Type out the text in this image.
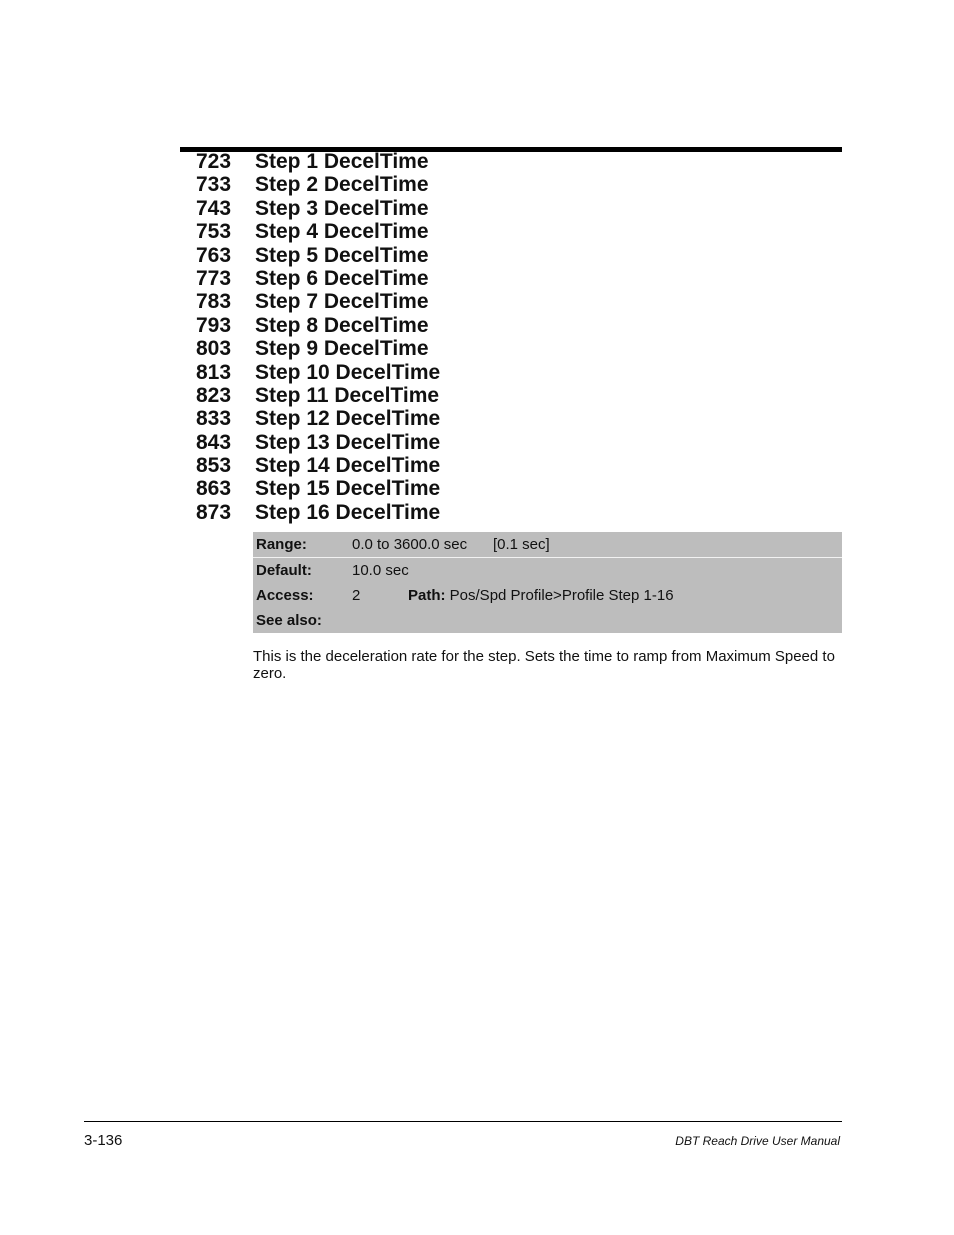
723 Step 1 DecelTime
733 Step 2 DecelTime
743 Step 3 DecelTime
753 Step 4 DecelTime
763 Step 5 DecelTime
773 Step 6 DecelTime
783 Step 7 DecelTime
793 Step 8 DecelTime
803 Step 9 DecelTime
813 Step 10 DecelTime
823 Step 11 DecelTime
833 Step 12 DecelTime
843 Step 13 DecelTime
853 Step 14 DecelTime
863 Step 15 DecelTime
873 Step 16 DecelTime
Range:	0.0 to 3600.0 sec [0.1 sec]
Default:	10.0 sec
Access:	2	Path: Pos/Spd Profile>Profile Step 1-16
See also:

This is the deceleration rate for the step. Sets the time to ramp from Maximum Speed to zero.

3-136	DBT Reach Drive User Manual
